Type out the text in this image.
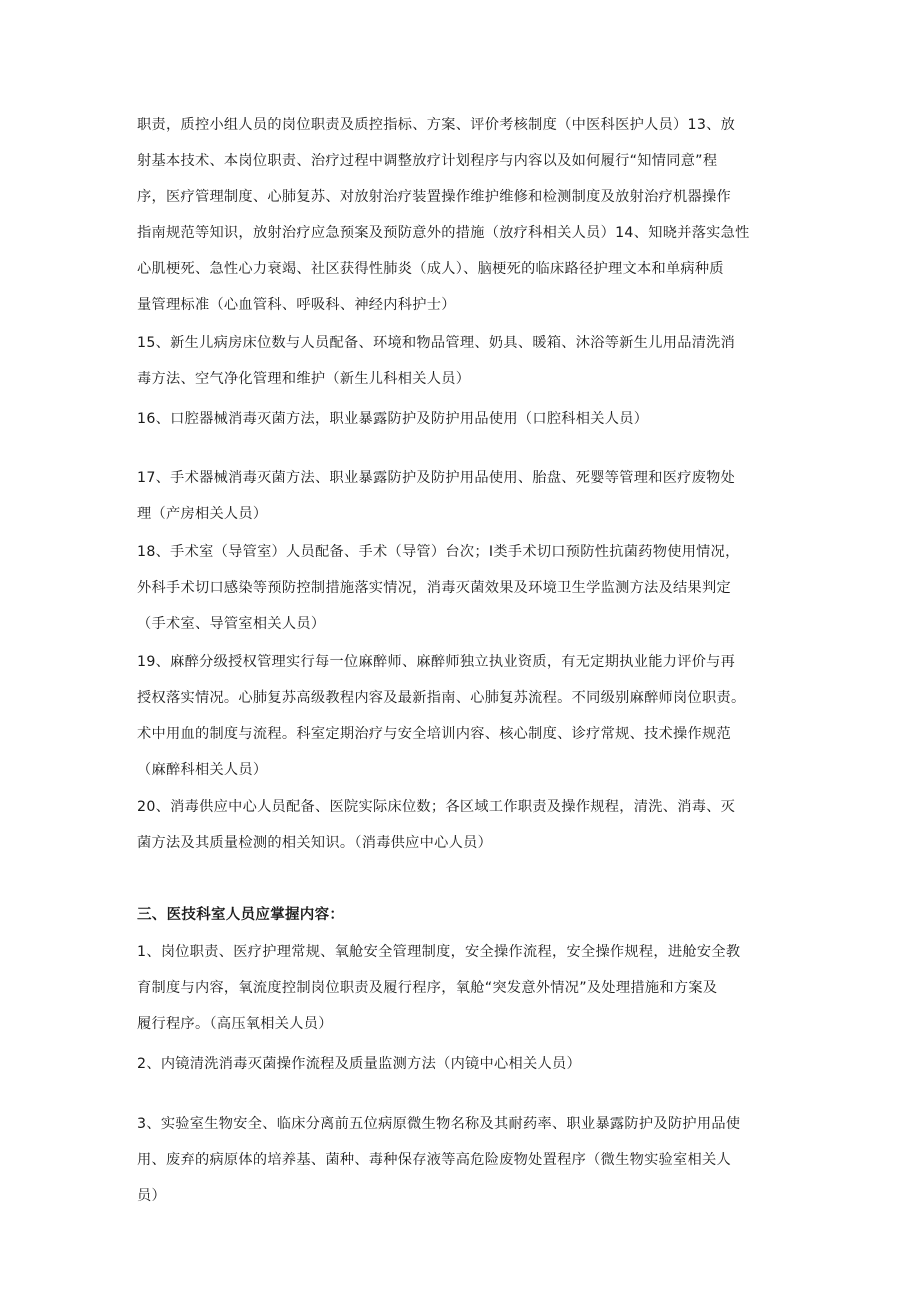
职责，质控小组人员的岗位职责及质控指标、方案、评价考核制度（中医科医护人员）13、放
射基本技术、本岗位职责、治疗过程中调整放疗计划程序与内容以及如何履行“知情同意”程
序，医疗管理制度、心肺复苏、对放射治疗装置操作维护维修和检测制度及放射治疗机器操作
指南规范等知识，放射治疗应急预案及预防意外的措施（放疗科相关人员）14、知晓并落实急性
心肌梗死、急性心力衰竭、社区获得性肺炎（成人）、脑梗死的临床路径护理文本和单病种质
量管理标准（心血管科、呼吸科、神经内科护士）
15、新生儿病房床位数与人员配备、环境和物品管理、奶具、暖箱、沐浴等新生儿用品清洗消
毒方法、空气净化管理和维护（新生儿科相关人员）
16、口腔器械消毒灭菌方法，职业暴露防护及防护用品使用（口腔科相关人员）
17、手术器械消毒灭菌方法、职业暴露防护及防护用品使用、胎盘、死婴等管理和医疗废物处
理（产房相关人员）
18、手术室（导管室）人员配备、手术（导管）台次；I类手术切口预防性抗菌药物使用情况，
外科手术切口感染等预防控制措施落实情况，消毒灭菌效果及环境卫生学监测方法及结果判定
（手术室、导管室相关人员）
19、麻醉分级授权管理实行每一位麻醉师、麻醉师独立执业资质，有无定期执业能力评价与再
授权落实情况。心肺复苏高级教程内容及最新指南、心肺复苏流程。不同级别麻醉师岗位职责。
术中用血的制度与流程。科室定期治疗与安全培训内容、核心制度、诊疗常规、技术操作规范
（麻醉科相关人员）
20、消毒供应中心人员配备、医院实际床位数；各区域工作职责及操作规程，清洗、消毒、灭
菌方法及其质量检测的相关知识。（消毒供应中心人员）
三、医技科室人员应掌握内容：
1、岗位职责、医疗护理常规、氧舱安全管理制度，安全操作流程，安全操作规程，进舱安全教
育制度与内容，氧流度控制岗位职责及履行程序，氧舱“突发意外情况”及处理措施和方案及
履行程序。（高压氧相关人员）
2、内镜清洗消毒灭菌操作流程及质量监测方法（内镜中心相关人员）
3、实验室生物安全、临床分离前五位病原微生物名称及其耐药率、职业暴露防护及防护用品使
用、废弃的病原体的培养基、菌种、毒种保存液等高危险废物处置程序（微生物实验室相关人
员）
